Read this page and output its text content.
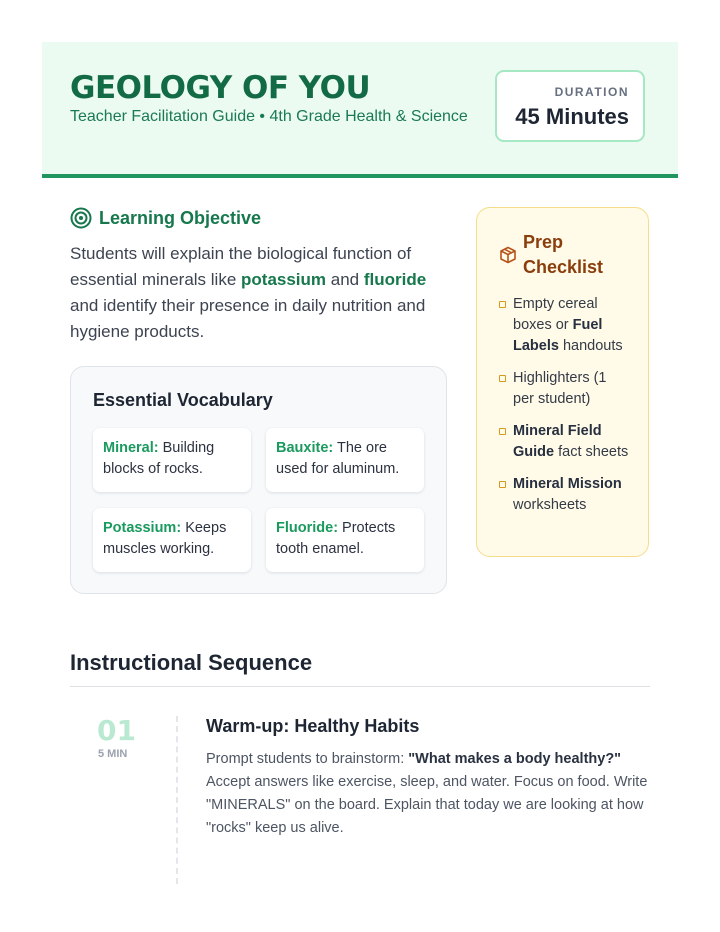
GEOLOGY OF YOU
Teacher Facilitation Guide • 4th Grade Health & Science
DURATION
45 Minutes
Learning Objective

Students will explain the biological function of essential minerals like potassium and fluoride and identify their presence in daily nutrition and hygiene products.

Essential Vocabulary
Mineral: Building blocks of rocks.
Bauxite: The ore used for aluminum.
Potassium: Keeps muscles working.
Fluoride: Protects tooth enamel.
Prep Checklist
Empty cereal boxes or Fuel Labels handouts
Highlighters (1 per student)
Mineral Field Guide fact sheets
Mineral Mission worksheets
Instructional Sequence
01
5 MIN
Warm-up: Healthy Habits

Prompt students to brainstorm: "What makes a body healthy?" Accept answers like exercise, sleep, and water. Focus on food. Write "MINERALS" on the board. Explain that today we are looking at how "rocks" keep us alive.
